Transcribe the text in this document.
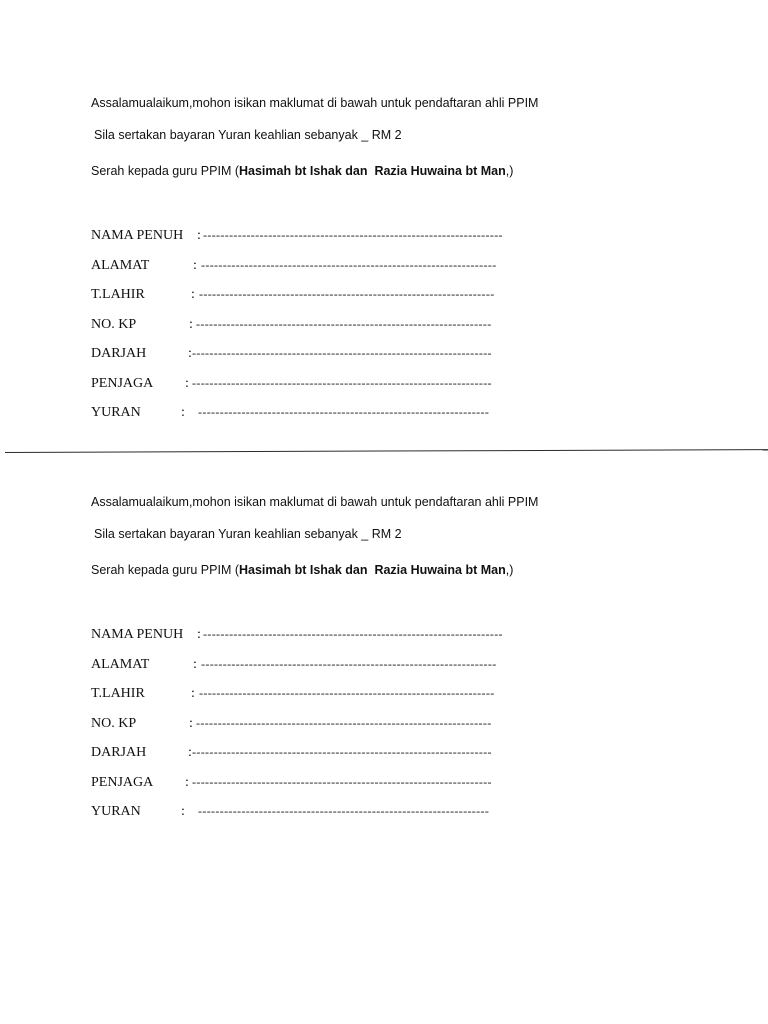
Assalamualaikum,mohon isikan maklumat di bawah untuk pendaftaran ahli PPIM

Sila sertakan bayaran Yuran keahlian sebanyak _ RM 2

Serah kepada guru PPIM (Hasimah bt Ishak dan  Razia Huwaina bt Man,)

NAMA PENUH : ---------------------------------------------------------------------
ALAMAT	: --------------------------------------------------------------------
T.LAHIR	: --------------------------------------------------------------------
NO. KP	: --------------------------------------------------------------------
DARJAH	: ---------------------------------------------------------------------
PENJAGA : ---------------------------------------------------------------------
YURAN	: -------------------------------------------------------------------

Assalamualaikum,mohon isikan maklumat di bawah untuk pendaftaran ahli PPIM

Sila sertakan bayaran Yuran keahlian sebanyak _ RM 2

Serah kepada guru PPIM (Hasimah bt Ishak dan  Razia Huwaina bt Man,)

NAMA PENUH : ---------------------------------------------------------------------
ALAMAT	: --------------------------------------------------------------------
T.LAHIR	: --------------------------------------------------------------------
NO. KP	: --------------------------------------------------------------------
DARJAH	: ---------------------------------------------------------------------
PENJAGA : ---------------------------------------------------------------------
YURAN	: -------------------------------------------------------------------
